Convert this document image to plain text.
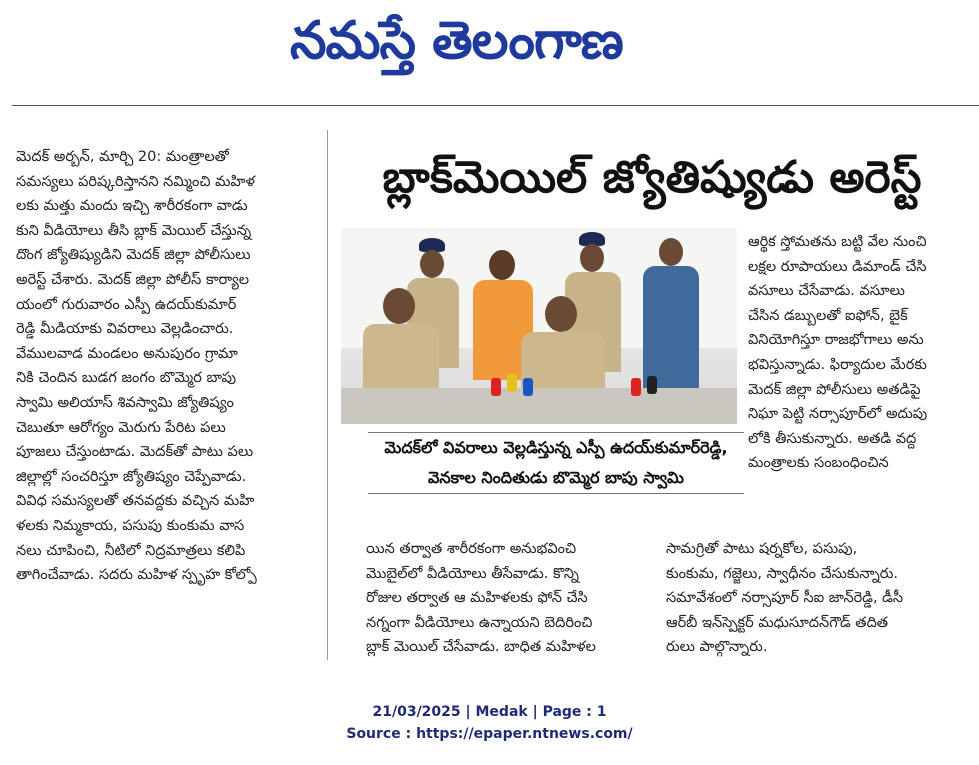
నమస్తే తెలంగాణ
బ్లాక్‌మెయిల్ జ్యోతిష్యుడు అరెస్ట్
మెదక్ అర్బన్, మార్చి 20: మంత్రాలతో
సమస్యలు పరిష్కరిస్తానని నమ్మించి మహిళ
లకు మత్తు మందు ఇచ్చి శారీరకంగా వాడు
కుని వీడియోలు తీసి బ్లాక్ మెయిల్ చేస్తున్న
దొంగ జ్యోతిష్యుడిని మెదక్ జిల్లా పోలీసులు
అరెస్ట్ చేశారు. మెదక్ జిల్లా పోలీస్ కార్యాల
యంలో గురువారం ఎస్పీ ఉదయ్‌కుమార్
రెడ్డి మీడియాకు వివరాలు వెల్లడించారు.
వేములవాడ మండలం అనుపురం గ్రామా
నికి చెందిన బుడగ జంగం బొమ్మెర బాపు
స్వామి అలియాస్ శివస్వామి జ్యోతిష్యం
చెబుతూ ఆరోగ్యం మెరుగు పేరిట పలు
పూజలు చేస్తుంటాడు. మెదక్‌తో పాటు పలు
జిల్లాల్లో సంచరిస్తూ జ్యోతిష్యం చెప్పేవాడు.
వివిధ సమస్యలతో తనవద్దకు వచ్చిన మహి
ళలకు నిమ్మకాయ, పసుపు కుంకుమ వాస
నలు చూపించి, నీటిలో నిద్రమాత్రలు కలిపి
తాగించేవాడు. సదరు మహిళ స్పృహ కోల్పో
మెదక్‌లో వివరాలు వెల్లడిస్తున్న ఎస్పీ ఉదయ్‌కుమార్‌రెడ్డి,
వెనకాల నిందితుడు బొమ్మెర బాపు స్వామి
ఆర్థిక స్తోమతను బట్టి వేల నుంచి
లక్షల రూపాయలు డిమాండ్ చేసి
వసూలు చేసేవాడు. వసూలు
చేసిన డబ్బులతో ఐఫోన్, బైక్
వినియోగిస్తూ రాజభోగాలు అను
భవిస్తున్నాడు. ఫిర్యాదుల మేరకు
మెదక్ జిల్లా పోలీసులు అతడిపై
నిఘా పెట్టి నర్సాపూర్‌లో అదుపు
లోకి తీసుకున్నారు. అతడి వద్ద
మంత్రాలకు సంబంధించిన
యిన తర్వాత శారీరకంగా అనుభవించి
మొబైల్‌లో వీడియోలు తీసేవాడు. కొన్ని
రోజుల తర్వాత ఆ మహిళలకు ఫోన్ చేసి
నగ్నంగా వీడియోలు ఉన్నాయని బెదిరించి
బ్లాక్ మెయిల్ చేసేవాడు. బాధిత మహిళల
సామగ్రితో పాటు షర్నకోల, పసుపు,
కుంకుమ, గజ్జెలు, స్వాధీనం చేసుకున్నారు.
సమావేశంలో నర్సాపూర్ సీఐ జాన్‌రెడ్డి, డీసీ
ఆర్‌బీ ఇన్‌స్పెక్టర్ మధుసూదన్‌గౌడ్ తదిత
రులు పాల్గొన్నారు.
21/03/2025 | Medak | Page : 1
Source : https://epaper.ntnews.com/
